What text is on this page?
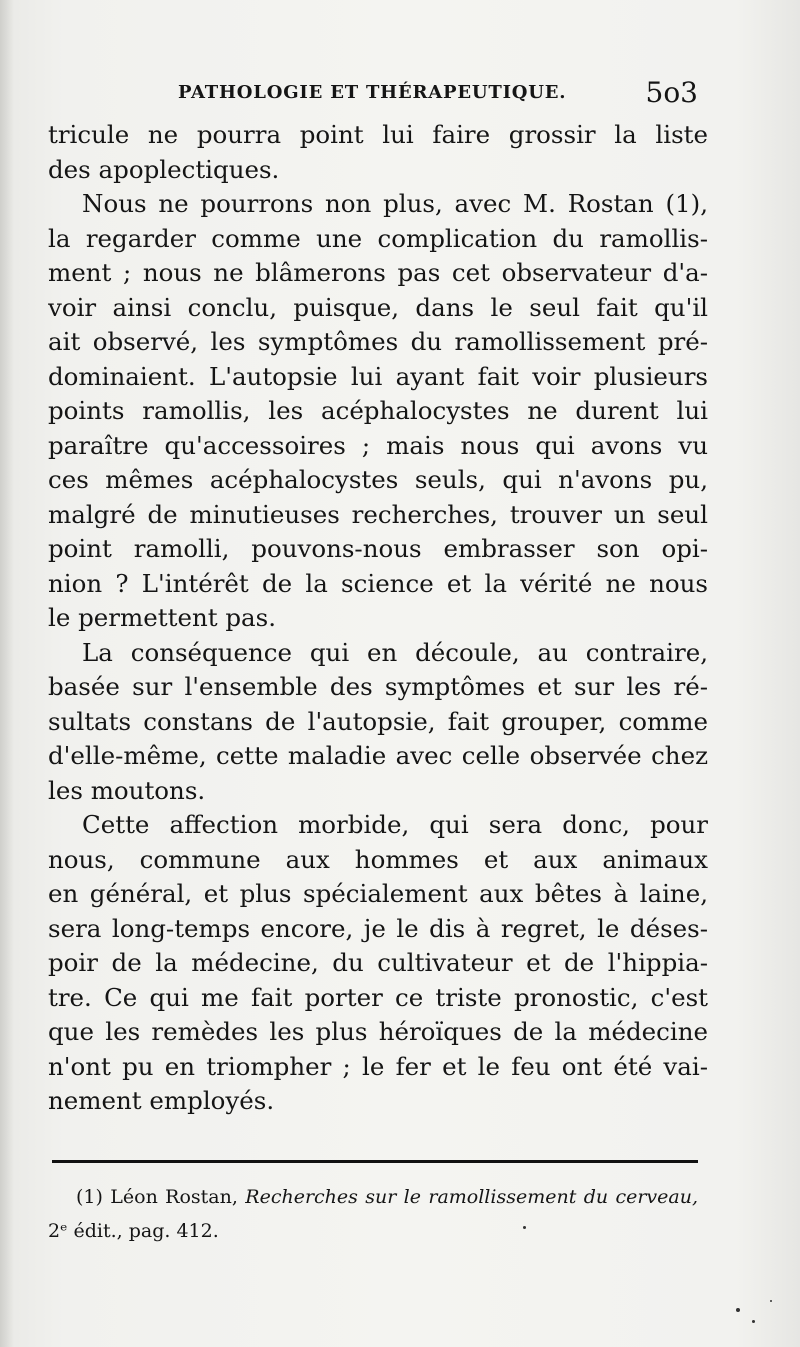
PATHOLOGIE ET THÉRAPEUTIQUE.	5o3
tricule ne pourra point lui faire grossir la liste
des apoplectiques.
Nous ne pourrons non plus, avec M. Rostan (1),
la regarder comme une complication du ramollis-
ment ; nous ne blâmerons pas cet observateur d'a-
voir ainsi conclu, puisque, dans le seul fait qu'il
ait observé, les symptômes du ramollissement pré-
dominaient. L'autopsie lui ayant fait voir plusieurs
points ramollis, les acéphalocystes ne durent lui
paraître qu'accessoires ; mais nous qui avons vu
ces mêmes acéphalocystes seuls, qui n'avons pu,
malgré de minutieuses recherches, trouver un seul
point ramolli, pouvons-nous embrasser son opi-
nion ? L'intérêt de la science et la vérité ne nous
le permettent pas.
La conséquence qui en découle, au contraire,
basée sur l'ensemble des symptômes et sur les ré-
sultats constans de l'autopsie, fait grouper, comme
d'elle-même, cette maladie avec celle observée chez
les moutons.
Cette affection morbide, qui sera donc, pour
nous, commune aux hommes et aux animaux
en général, et plus spécialement aux bêtes à laine,
sera long-temps encore, je le dis à regret, le déses-
poir de la médecine, du cultivateur et de l'hippia-
tre. Ce qui me fait porter ce triste pronostic, c'est
que les remèdes les plus héroïques de la médecine
n'ont pu en triompher ; le fer et le feu ont été vai-
nement employés.
(1) Léon Rostan, Recherches sur le ramollissement du cerveau,
2ᵉ édit., pag. 412.
